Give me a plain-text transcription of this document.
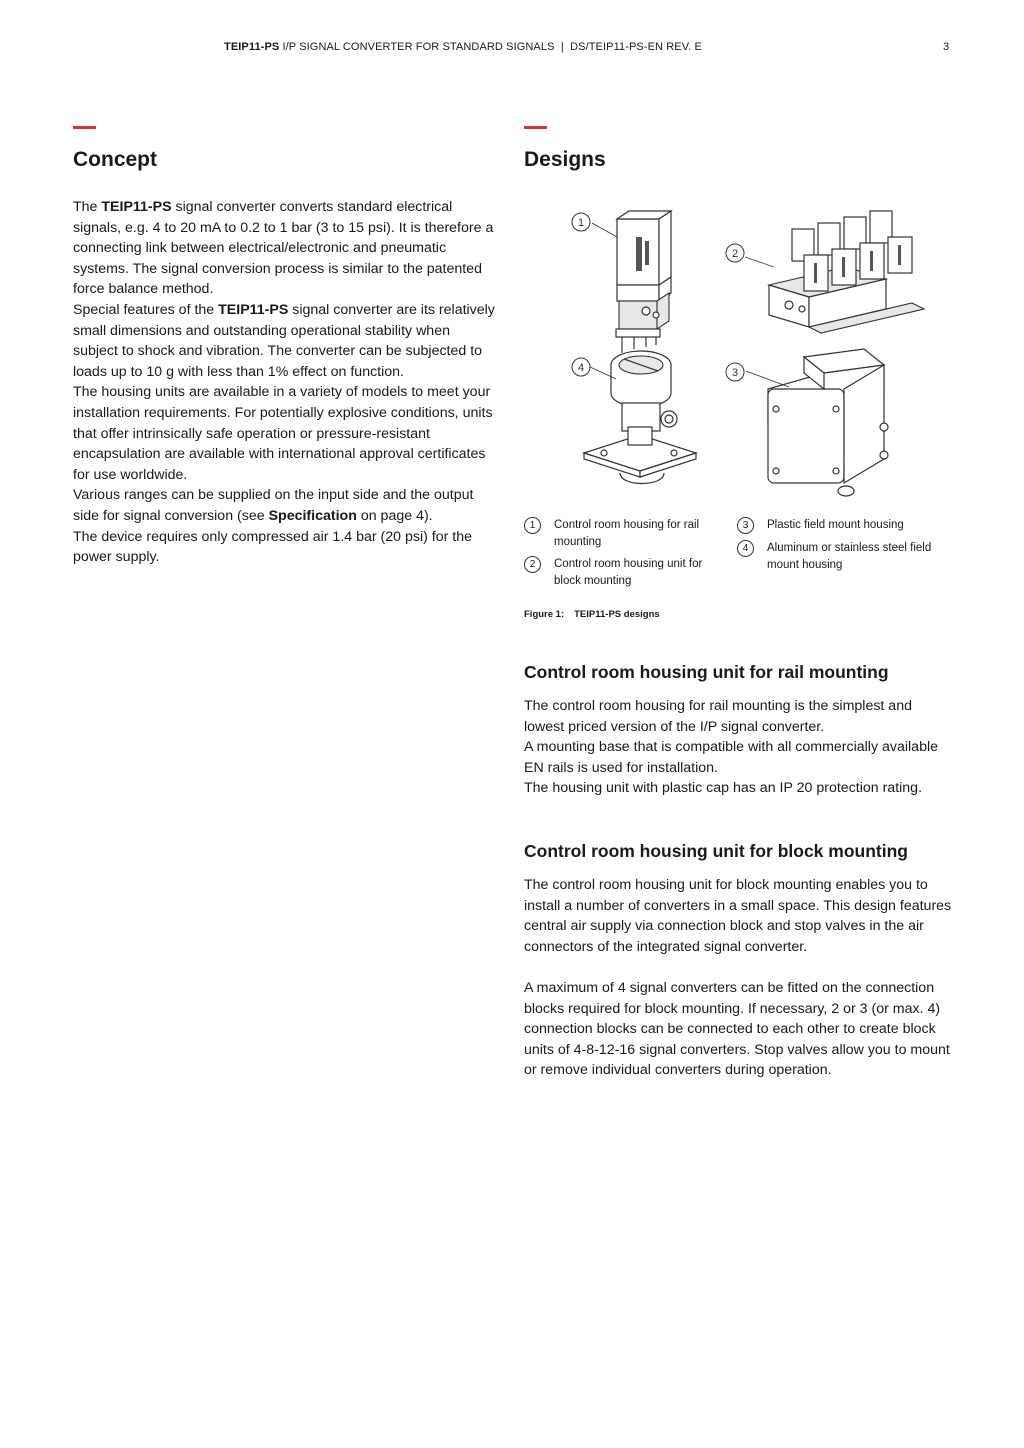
TEIP11-PS I/P SIGNAL CONVERTER FOR STANDARD SIGNALS  |  DS/TEIP11-PS-EN REV. E	3
Concept

The TEIP11-PS signal converter converts standard electrical signals, e.g. 4 to 20 mA to 0.2 to 1 bar (3 to 15 psi). It is therefore a connecting link between electrical/electronic and pneumatic systems. The signal conversion process is similar to the patented force balance method.

Special features of the TEIP11-PS signal converter are its relatively small dimensions and outstanding operational stability when subject to shock and vibration. The converter can be subjected to loads up to 10 g with less than 1% effect on function.

The housing units are available in a variety of models to meet your installation requirements. For potentially explosive conditions, units that offer intrinsically safe operation or pressure-resistant encapsulation are available with international approval certificates for use worldwide.

Various ranges can be supplied on the input side and the output side for signal conversion (see Specification on page 4).

The device requires only compressed air 1.4 bar (20 psi) for the power supply.

Designs
1
2
3
4
1	Control room housing for rail mounting
2	Control room housing unit for block mounting
3	Plastic field mount housing
4	Aluminum or stainless steel field mount housing
Figure 1: TEIP11-PS designs
Control room housing unit for rail mounting

The control room housing for rail mounting is the simplest and lowest priced version of the I/P signal converter.

A mounting base that is compatible with all commercially available EN rails is used for installation.

The housing unit with plastic cap has an IP 20 protection rating.

Control room housing unit for block mounting

The control room housing unit for block mounting enables you to install a number of converters in a small space. This design features central air supply via connection block and stop valves in the air connectors of the integrated signal converter.

A maximum of 4 signal converters can be fitted on the connection blocks required for block mounting. If necessary, 2 or 3 (or max. 4) connection blocks can be connected to each other to create block units of 4-8-12-16 signal converters. Stop valves allow you to mount or remove individual converters during operation.
